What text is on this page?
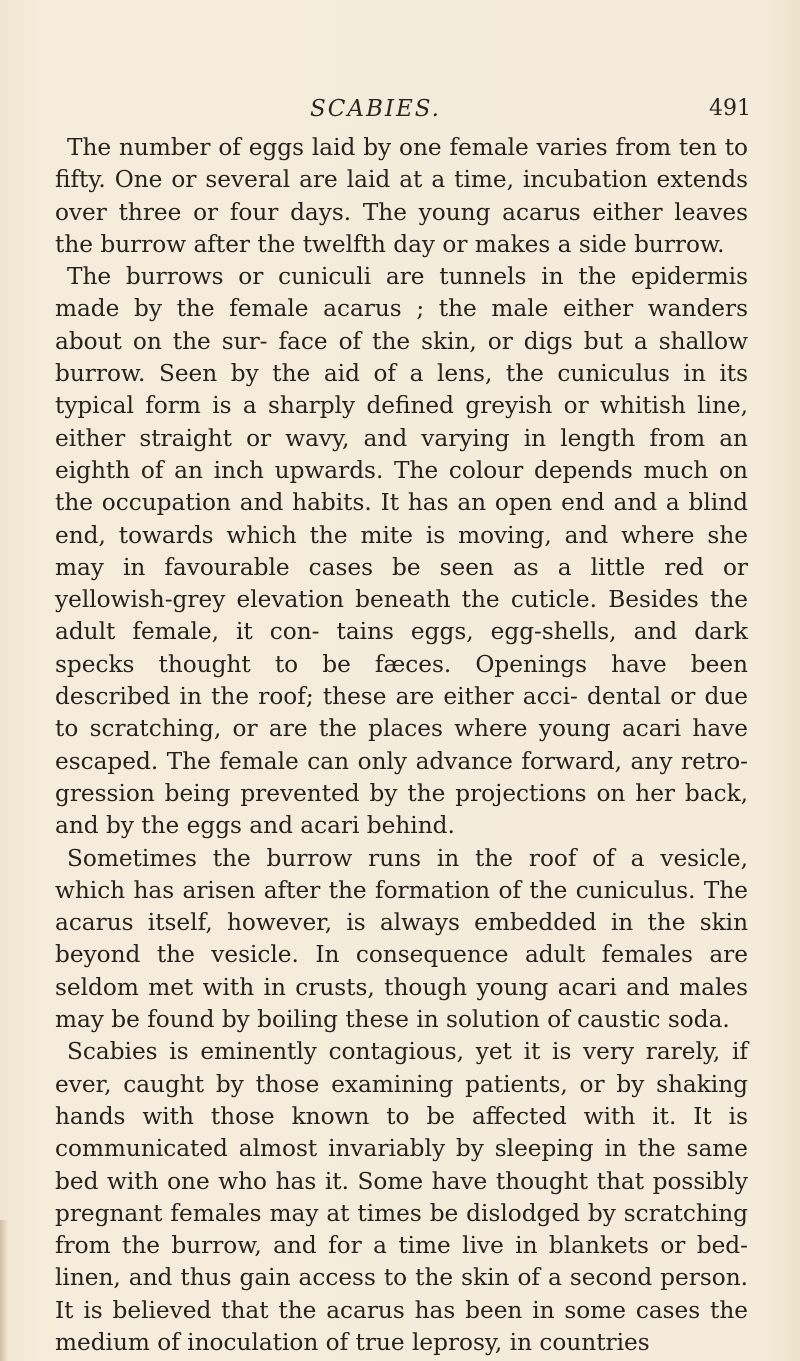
SCABIES.	491

The number of eggs laid by one female varies from ten to fifty. One or several are laid at a time, incubation extends over three or four days. The young acarus either leaves the burrow after the twelfth day or makes a side burrow.

The burrows or cuniculi are tunnels in the epidermis made by the female acarus ; the male either wanders about on the sur- face of the skin, or digs but a shallow burrow. Seen by the aid of a lens, the cuniculus in its typical form is a sharply defined greyish or whitish line, either straight or wavy, and varying in length from an eighth of an inch upwards. The colour depends much on the occupation and habits. It has an open end and a blind end, towards which the mite is moving, and where she may in favourable cases be seen as a little red or yellowish-grey elevation beneath the cuticle. Besides the adult female, it con- tains eggs, egg-shells, and dark specks thought to be fæces. Openings have been described in the roof; these are either acci- dental or due to scratching, or are the places where young acari have escaped. The female can only advance forward, any retro- gression being prevented by the projections on her back, and by the eggs and acari behind.

Sometimes the burrow runs in the roof of a vesicle, which has arisen after the formation of the cuniculus. The acarus itself, however, is always embedded in the skin beyond the vesicle. In consequence adult females are seldom met with in crusts, though young acari and males may be found by boiling these in solution of caustic soda.

Scabies is eminently contagious, yet it is very rarely, if ever, caught by those examining patients, or by shaking hands with those known to be affected with it. It is communicated almost invariably by sleeping in the same bed with one who has it. Some have thought that possibly pregnant females may at times be dislodged by scratching from the burrow, and for a time live in blankets or bed-linen, and thus gain access to the skin of a second person. It is believed that the acarus has been in some cases the medium of inoculation of true leprosy, in countries
